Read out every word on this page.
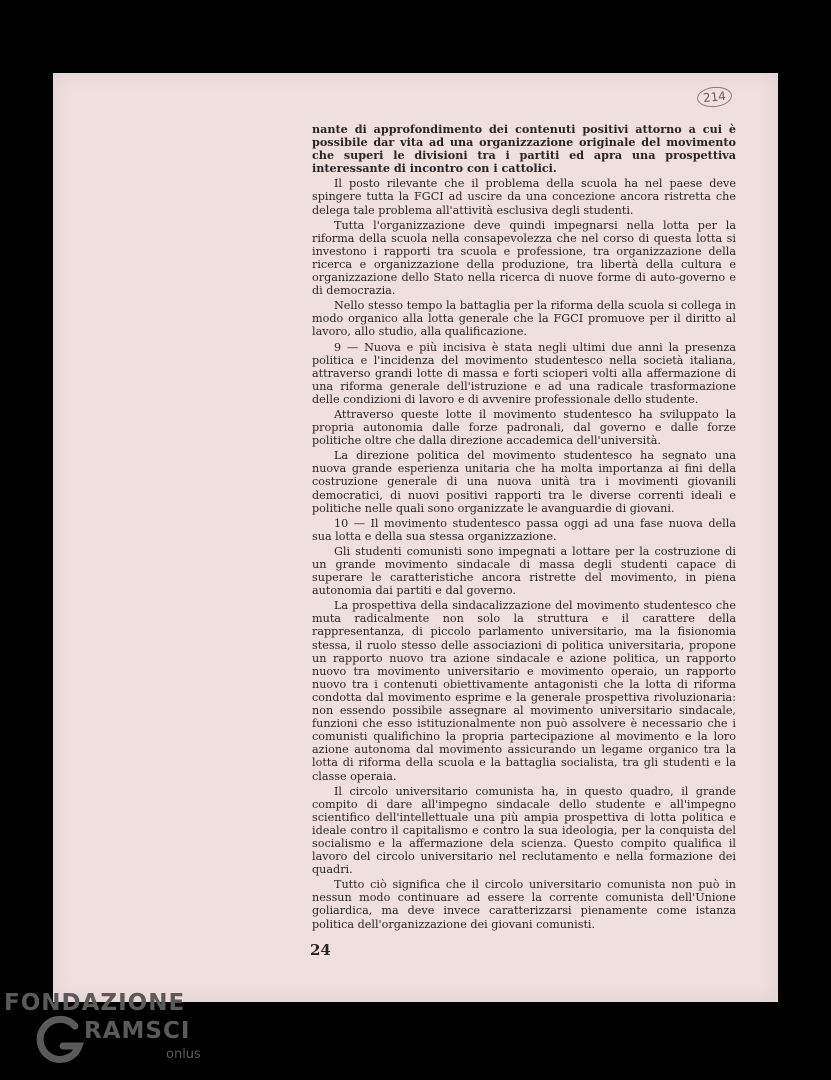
214

nante di approfondimento dei contenuti positivi attorno a cui è possibile dar vita ad una organizzazione originale del movimento che superi le divisioni tra i partiti ed apra una prospettiva interessante di incontro con i cattolici.

Il posto rilevante che il problema della scuola ha nel paese deve spingere tutta la FGCI ad uscire da una concezione ancora ristretta che delega tale problema all'attività esclusiva degli studenti.

Tutta l'organizzazione deve quindi impegnarsi nella lotta per la riforma della scuola nella consapevolezza che nel corso di questa lotta si investono i rapporti tra scuola e professione, tra organizzazione della ricerca e organizzazione della produzione, tra libertà della cultura e organizzazione dello Stato nella ricerca di nuove forme di auto-governo e di democrazia.

Nello stesso tempo la battaglia per la riforma della scuola si collega in modo organico alla lotta generale che la FGCI promuove per il diritto al lavoro, allo studio, alla qualificazione.

9 — Nuova e più incisiva è stata negli ultimi due anni la presenza politica e l'incidenza del movimento studentesco nella società italiana, attraverso grandi lotte di massa e forti scioperi volti alla affermazione di una riforma generale dell'istruzione e ad una radicale trasformazione delle condizioni di lavoro e di avvenire professionale dello studente.

Attraverso queste lotte il movimento studentesco ha sviluppato la propria autonomia dalle forze padronali, dal governo e dalle forze politiche oltre che dalla direzione accademica dell'università.

La direzione politica del movimento studentesco ha segnato una nuova grande esperienza unitaria che ha molta importanza ai fini della costruzione generale di una nuova unità tra i movimenti giovanili democratici, di nuovi positivi rapporti tra le diverse correnti ideali e politiche nelle quali sono organizzate le avanguardie di giovani.

10 — Il movimento studentesco passa oggi ad una fase nuova della sua lotta e della sua stessa organizzazione.

Gli studenti comunisti sono impegnati a lottare per la costruzione di un grande movimento sindacale di massa degli studenti capace di superare le caratteristiche ancora ristrette del movimento, in piena autonomia dai partiti e dal governo.

La prospettiva della sindacalizzazione del movimento studentesco che muta radicalmente non solo la struttura e il carattere della rappresentanza, di piccolo parlamento universitario, ma la fisionomia stessa, il ruolo stesso delle associazioni di politica universitaria, propone un rapporto nuovo tra azione sindacale e azione politica, un rapporto nuovo tra movimento universitario e movimento operaio, un rapporto nuovo tra i contenuti obiettivamente antagonisti che la lotta di riforma condotta dal movimento esprime e la generale prospettiva rivoluzionaria: non essendo possibile assegnare al movimento universitario sindacale, funzioni che esso istituzionalmente non può assolvere è necessario che i comunisti qualifichino la propria partecipazione al movimento e la loro azione autonoma dal movimento assicurando un legame organico tra la lotta di riforma della scuola e la battaglia socialista, tra gli studenti e la classe operaia.

Il circolo universitario comunista ha, in questo quadro, il grande compito di dare all'impegno sindacale dello studente e all'impegno scientifico dell'intellettuale una più ampia prospettiva di lotta politica e ideale contro il capitalismo e contro la sua ideologia, per la conquista del socialismo e la affermazione dela scienza. Questo compito qualifica il lavoro del circolo universitario nel reclutamento e nella formazione dei quadri.

Tutto ciò significa che il circolo universitario comunista non può in nessun modo continuare ad essere la corrente comunista dell'Unione goliardica, ma deve invece caratterizzarsi pienamente come istanza politica dell'organizzazione dei giovani comunisti.

24
FONDAZIONE
RAMSCI
onlus
